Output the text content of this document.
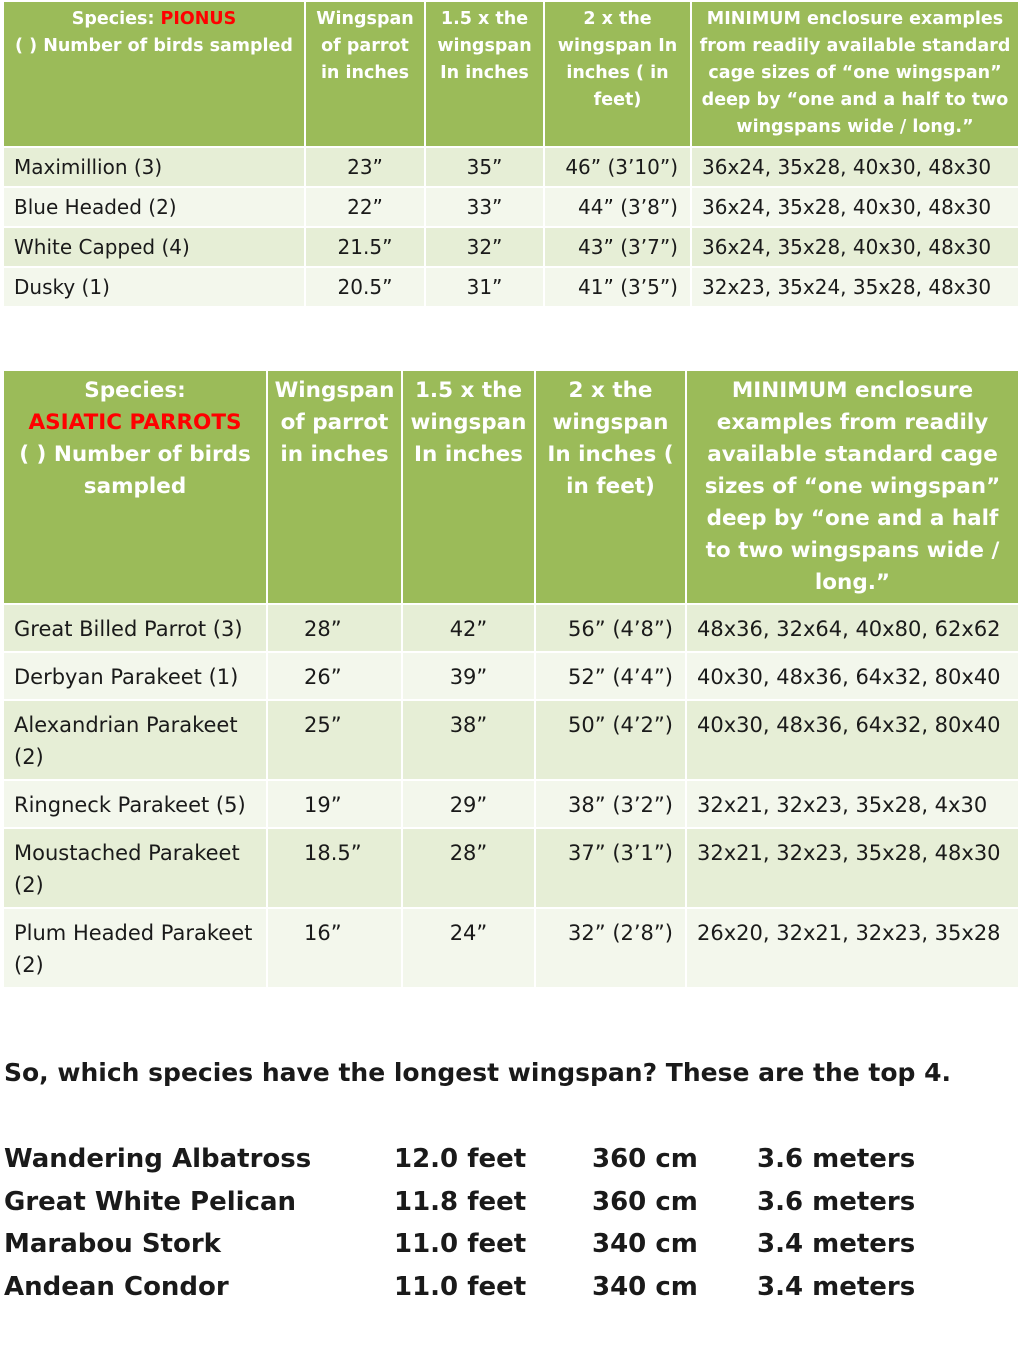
Species: PIONUS
( ) Number of birds sampled	Wingspan of parrot in inches	1.5 x the wingspan In inches	2 x the wingspan In inches ( in feet)	MINIMUM enclosure examples from readily available standard cage sizes of “one wingspan” deep by “one and a half to two wingspans wide / long.”
Maximillion (3)	23”	35”	46” (3’10”)	36x24, 35x28, 40x30, 48x30
Blue Headed (2)	22”	33”	44” (3’8”)	36x24, 35x28, 40x30, 48x30
White Capped (4)	21.5”	32”	43” (3’7”)	36x24, 35x28, 40x30, 48x30
Dusky (1)	20.5”	31”	41” (3’5”)	32x23, 35x24, 35x28, 48x30
Species:
ASIATIC PARROTS
( ) Number of birds sampled	Wingspan of parrot in inches	1.5 x the wingspan In inches	2 x the wingspan In inches ( in feet)	MINIMUM enclosure examples from readily available standard cage sizes of “one wingspan” deep by “one and a half to two wingspans wide / long.”
Great Billed Parrot (3)	28”	42”	56” (4’8”)	48x36, 32x64, 40x80, 62x62
Derbyan Parakeet (1)	26”	39”	52” (4’4”)	40x30, 48x36, 64x32, 80x40
Alexandrian Parakeet (2)	25”	38”	50” (4’2”)	40x30, 48x36, 64x32, 80x40
Ringneck Parakeet (5)	19”	29”	38” (3’2”)	32x21, 32x23, 35x28, 4x30
Moustached Parakeet (2)	18.5”	28”	37” (3’1”)	32x21, 32x23, 35x28, 48x30
Plum Headed Parakeet (2)	16”	24”	32” (2’8”)	26x20, 32x21, 32x23, 35x28

So, which species have the longest wingspan? These are the top 4.

Wandering Albatross	12.0 feet	360 cm 3.6 meters
Great White Pelican	11.8 feet	360 cm 3.6 meters
Marabou Stork	11.0 feet	340 cm 3.4 meters
Andean Condor	11.0 feet	340 cm 3.4 meters
